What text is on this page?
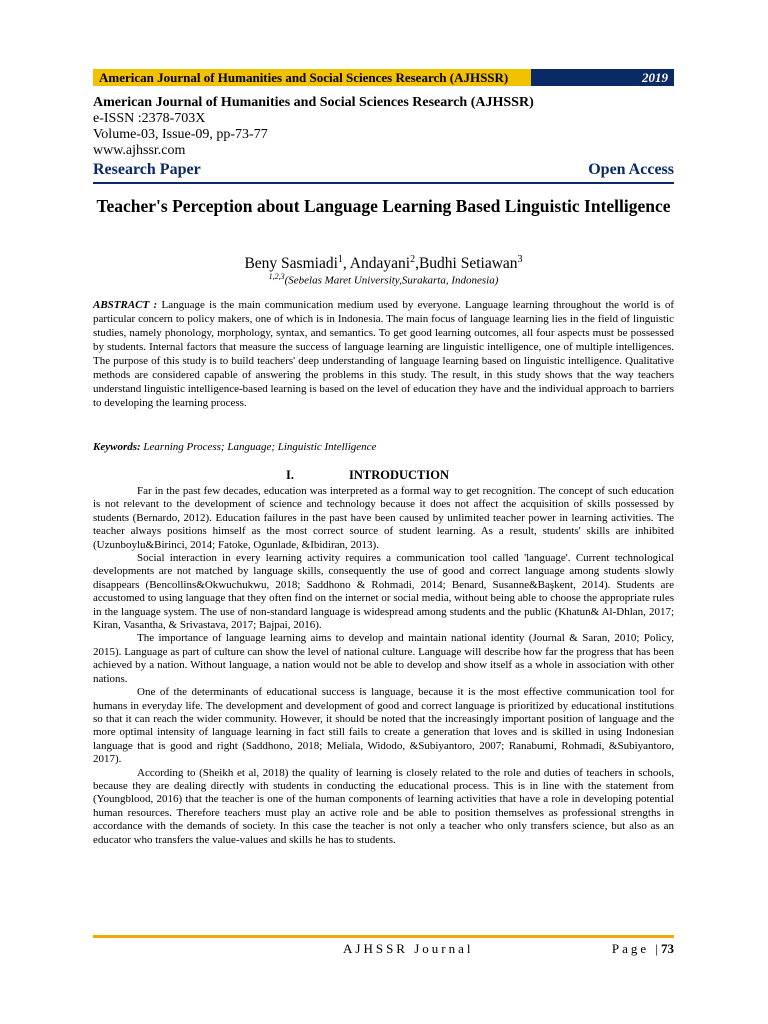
American Journal of Humanities and Social Sciences Research (AJHSSR)	2019
American Journal of Humanities and Social Sciences Research (AJHSSR)
e-ISSN :2378-703X
Volume-03, Issue-09, pp-73-77
www.ajhssr.com
Research Paper	Open Access
Teacher's Perception about Language Learning Based Linguistic Intelligence
Beny Sasmiadi$^1$, Andayani$^2$,Budhi Setiawan$^3$
$^{1,2,3}$(Sebelas Maret University,Surakarta, Indonesia)
ABSTRACT : Language is the main communication medium used by everyone. Language learning throughout the world is of particular concern to policy makers, one of which is in Indonesia. The main focus of language learning lies in the field of linguistic studies, namely phonology, morphology, syntax, and semantics. To get good learning outcomes, all four aspects must be possessed by students. Internal factors that measure the success of language learning are linguistic intelligence, one of multiple intelligences. The purpose of this study is to build teachers' deep understanding of language learning based on linguistic intelligence. Qualitative methods are considered capable of answering the problems in this study. The result, in this study shows that the way teachers understand linguistic intelligence-based learning is based on the level of education they have and the individual approach to barriers to developing the learning process.
Keywords: Learning Process; Language; Linguistic Intelligence
I.	INTRODUCTION

Far in the past few decades, education was interpreted as a formal way to get recognition. The concept of such education is not relevant to the development of science and technology because it does not affect the acquisition of skills possessed by students (Bernardo, 2012). Education failures in the past have been caused by unlimited teacher power in learning activities. The teacher always positions himself as the most correct source of student learning. As a result, students' skills are inhibited (Uzunboylu&Birinci, 2014; Fatoke, Ogunlade, &Ibidiran, 2013).

Social interaction in every learning activity requires a communication tool called 'language'. Current technological developments are not matched by language skills, consequently the use of good and correct language among students slowly disappears (Bencollins&Okwuchukwu, 2018; Saddhono & Rohmadi, 2014; Benard, Susanne&Başkent, 2014). Students are accustomed to using language that they often find on the internet or social media, without being able to choose the appropriate rules in the language system. The use of non-standard language is widespread among students and the public (Khatun& Al-Dhlan, 2017; Kiran, Vasantha, & Srivastava, 2017; Bajpai, 2016).

The importance of language learning aims to develop and maintain national identity (Journal & Saran, 2010; Policy, 2015). Language as part of culture can show the level of national culture. Language will describe how far the progress that has been achieved by a nation. Without language, a nation would not be able to develop and show itself as a whole in association with other nations.

One of the determinants of educational success is language, because it is the most effective communication tool for humans in everyday life. The development and development of good and correct language is prioritized by educational institutions so that it can reach the wider community. However, it should be noted that the increasingly important position of language and the more optimal intensity of language learning in fact still fails to create a generation that loves and is skilled in using Indonesian language that is good and right (Saddhono, 2018; Meliala, Widodo, &Subiyantoro, 2007; Ranabumi, Rohmadi, &Subiyantoro, 2017).

According to (Sheikh et al, 2018) the quality of learning is closely related to the role and duties of teachers in schools, because they are dealing directly with students in conducting the educational process. This is in line with the statement from (Youngblood, 2016) that the teacher is one of the human components of learning activities that have a role in developing potential human resources. Therefore teachers must play an active role and be able to position themselves as professional strengths in accordance with the demands of society. In this case the teacher is not only a teacher who only transfers science, but also as an educator who transfers the value-values and skills he has to students.

AJHSSR Journal	Page |73
